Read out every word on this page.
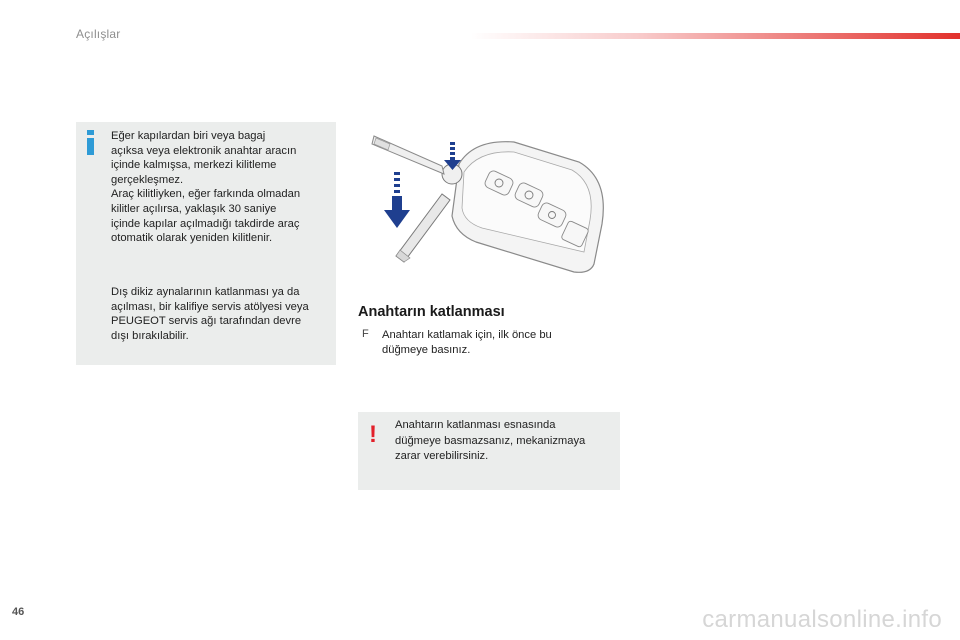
Açılışlar

Eğer kapılardan biri veya bagaj

açıksa veya elektronik anahtar aracın

içinde kalmışsa, merkezi kilitleme

gerçekleşmez.

Araç kilitliyken, eğer farkında olmadan

kilitler açılırsa, yaklaşık 30 saniye

içinde kapılar açılmadığı takdirde araç

otomatik olarak yeniden kilitlenir.

Dış dikiz aynalarının katlanması ya da

açılması, bir kalifiye servis atölyesi veya

PEUGEOT servis ağı tarafından devre

dışı bırakılabilir.

Anahtarın katlanması
F Anahtarı katlamak için, ilk önce bu
düğmeye basınız.
! Anahtarın katlanması esnasında
düğmeye basmazsanız, mekanizmaya
zarar verebilirsiniz.
46	carmanualsonline.info
